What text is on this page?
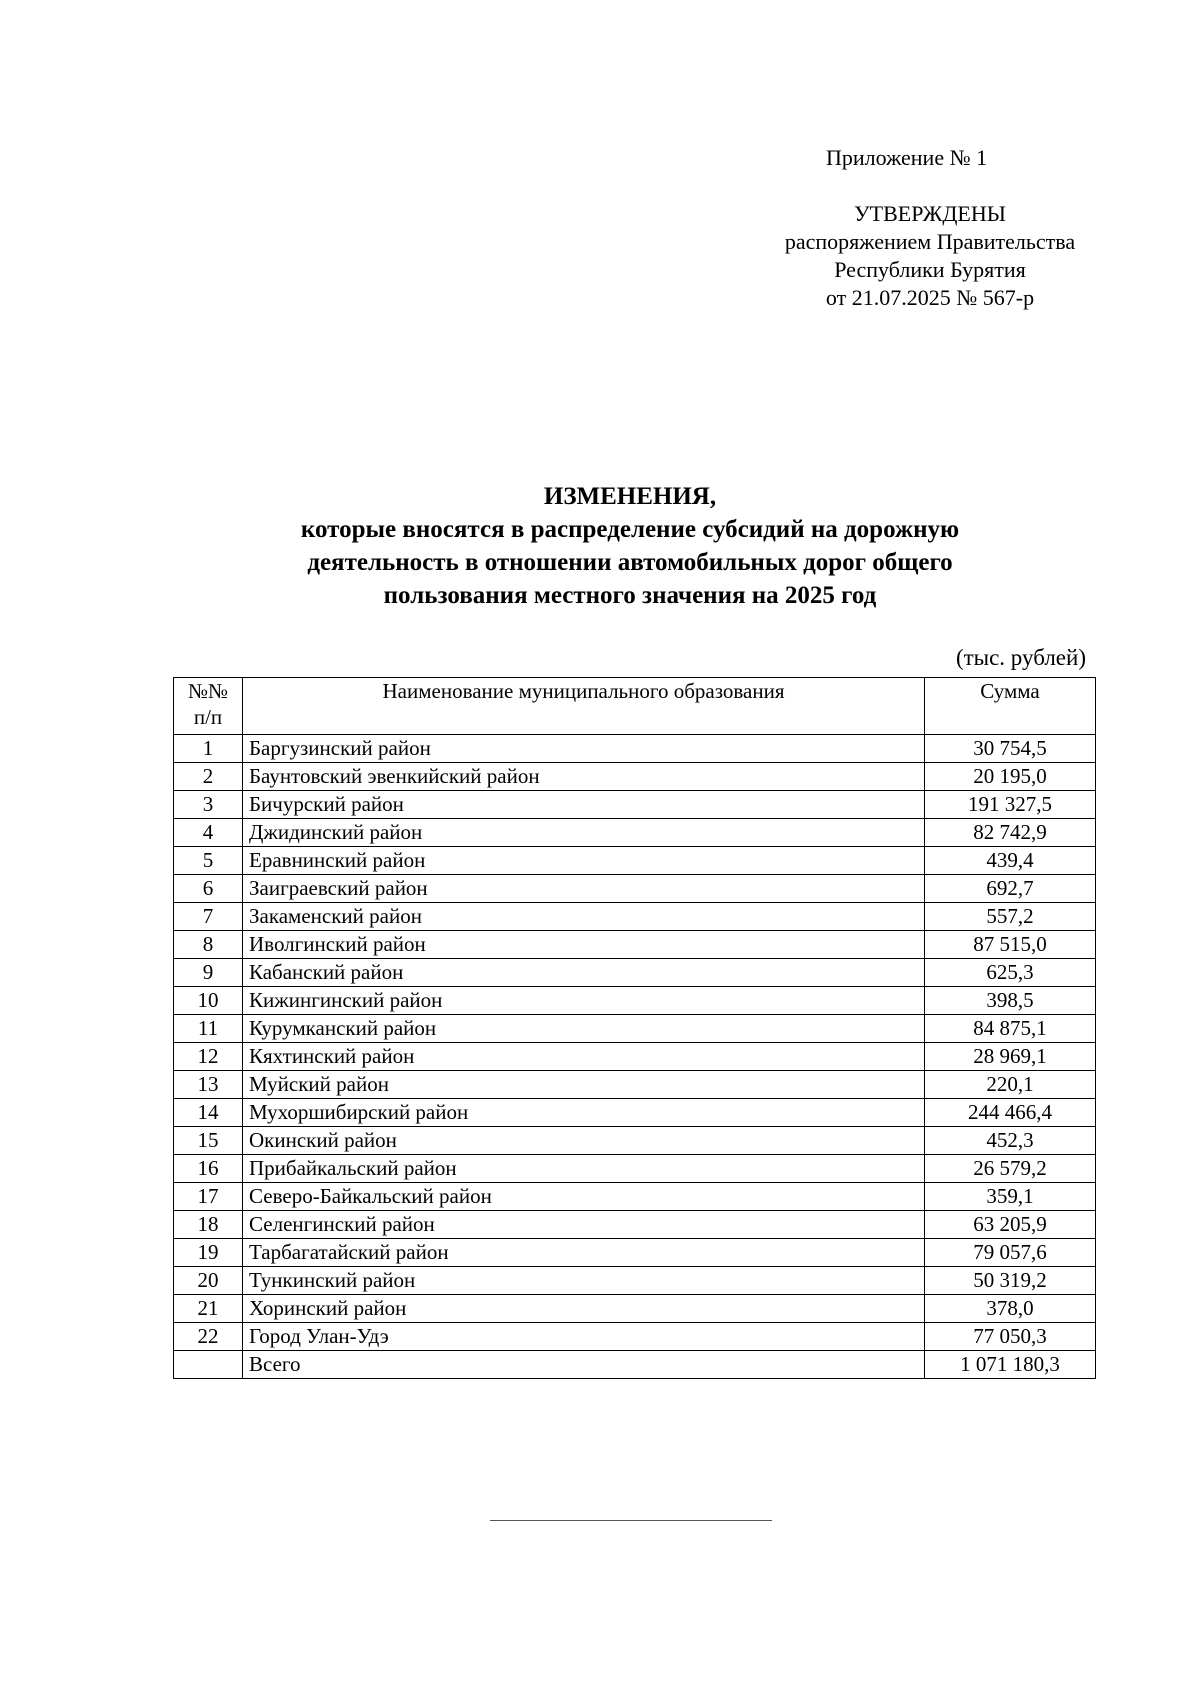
Приложение № 1
УТВЕРЖДЕНЫ
распоряжением Правительства
Республики Бурятия
от 21.07.2025 № 567-р
ИЗМЕНЕНИЯ,
которые вносятся в распределение субсидий на дорожную
деятельность в отношении автомобильных дорог общего
пользования местного значения на 2025 год
(тыс. рублей)
№№
п/п	Наименование муниципального образования	Сумма
1	Баргузинский район	30 754,5
2	Баунтовский эвенкийский район	20 195,0
3	Бичурский район	191 327,5
4	Джидинский район	82 742,9
5	Еравнинский район	439,4
6	Заиграевский район	692,7
7	Закаменский район	557,2
8	Иволгинский район	87 515,0
9	Кабанский район	625,3
10	Кижингинский район	398,5
11	Курумканский район	84 875,1
12	Кяхтинский район	28 969,1
13	Муйский район	220,1
14	Мухоршибирский район	244 466,4
15	Окинский район	452,3
16	Прибайкальский район	26 579,2
17	Северо-Байкальский район	359,1
18	Селенгинский район	63 205,9
19	Тарбагатайский район	79 057,6
20	Тункинский район	50 319,2
21	Хоринский район	378,0
22	Город Улан-Удэ	77 050,3
	Всего	1 071 180,3
